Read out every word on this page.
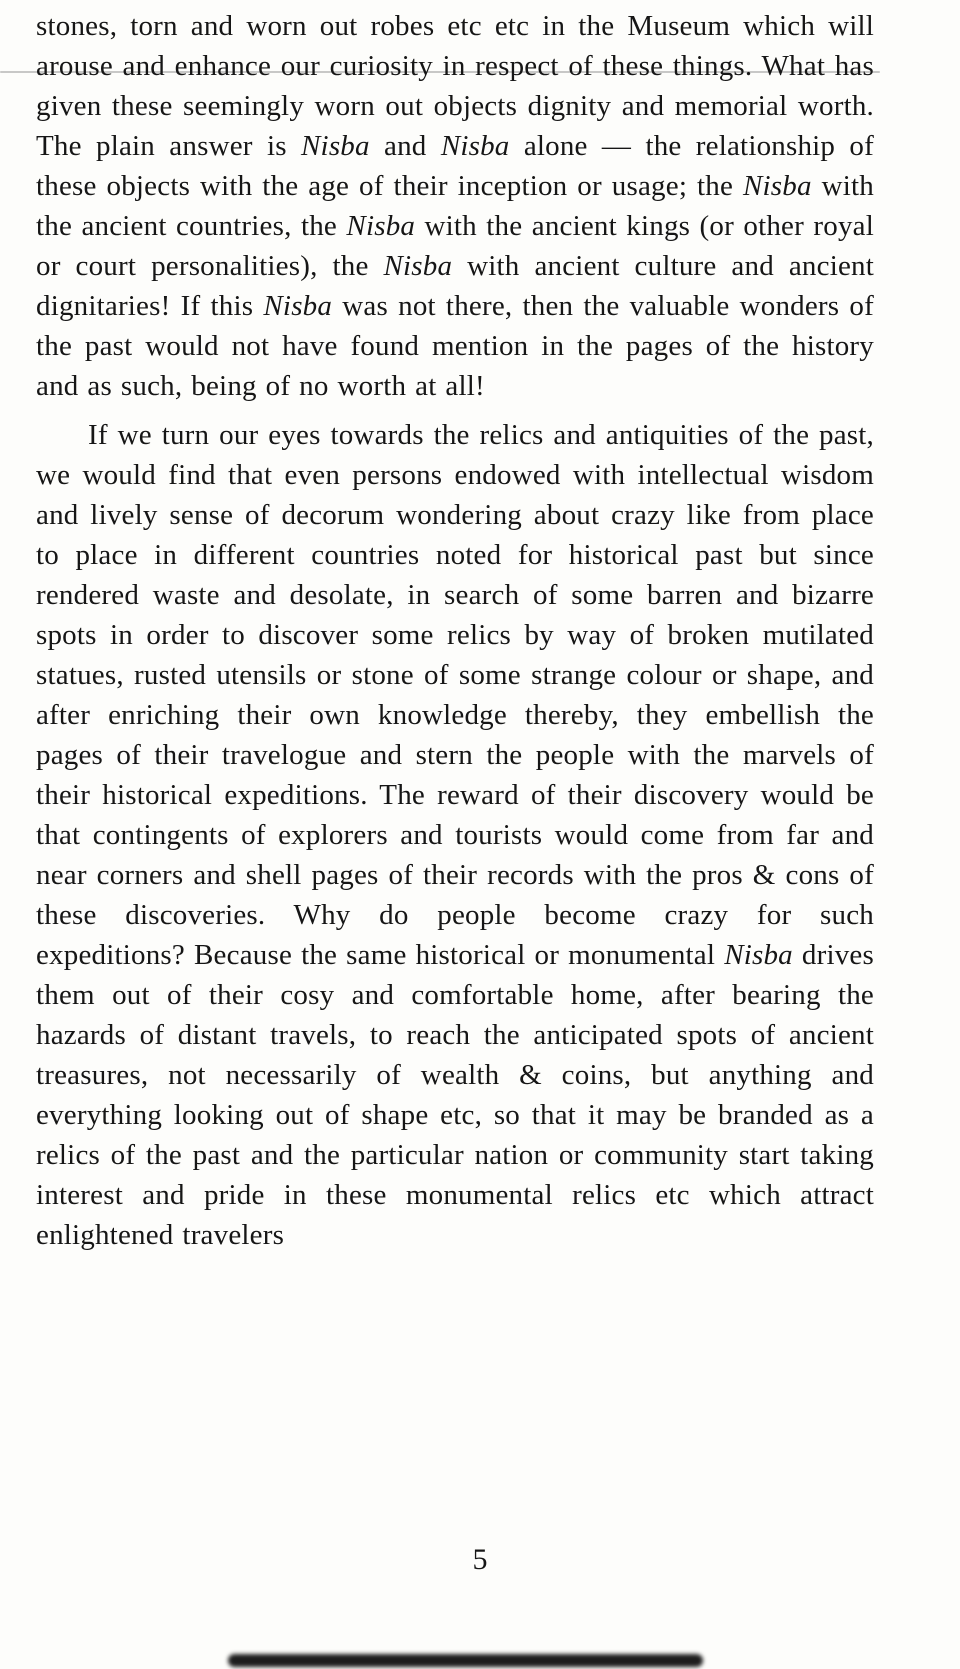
stones, torn and worn out robes etc etc in the Museum which will arouse and enhance our curiosity in respect of these things. What has given these seemingly worn out objects dignity and memorial worth. The plain answer is Nisba and Nisba alone — the relationship of these objects with the age of their inception or usage; the Nisba with the ancient countries, the Nisba with the ancient kings (or other royal or court personalities), the Nisba with ancient culture and ancient dignitaries! If this Nisba was not there, then the valuable wonders of the past would not have found mention in the pages of the history and as such, being of no worth at all!

If we turn our eyes towards the relics and antiquities of the past, we would find that even persons endowed with intellectual wisdom and lively sense of decorum wondering about crazy like from place to place in different countries noted for historical past but since rendered waste and desolate, in search of some barren and bizarre spots in order to discover some relics by way of broken mutilated statues, rusted utensils or stone of some strange colour or shape, and after enriching their own knowledge thereby, they embellish the pages of their travelogue and stern the people with the marvels of their historical expeditions. The reward of their discovery would be that contingents of explorers and tourists would come from far and near corners and shell pages of their records with the pros & cons of these discoveries. Why do people become crazy for such expeditions? Because the same historical or monumental Nisba drives them out of their cosy and comfortable home, after bearing the hazards of distant travels, to reach the anticipated spots of ancient treasures, not necessarily of wealth & coins, but anything and everything looking out of shape etc, so that it may be branded as a relics of the past and the particular nation or community start taking interest and pride in these monumental relics etc which attract enlightened travelers

5
